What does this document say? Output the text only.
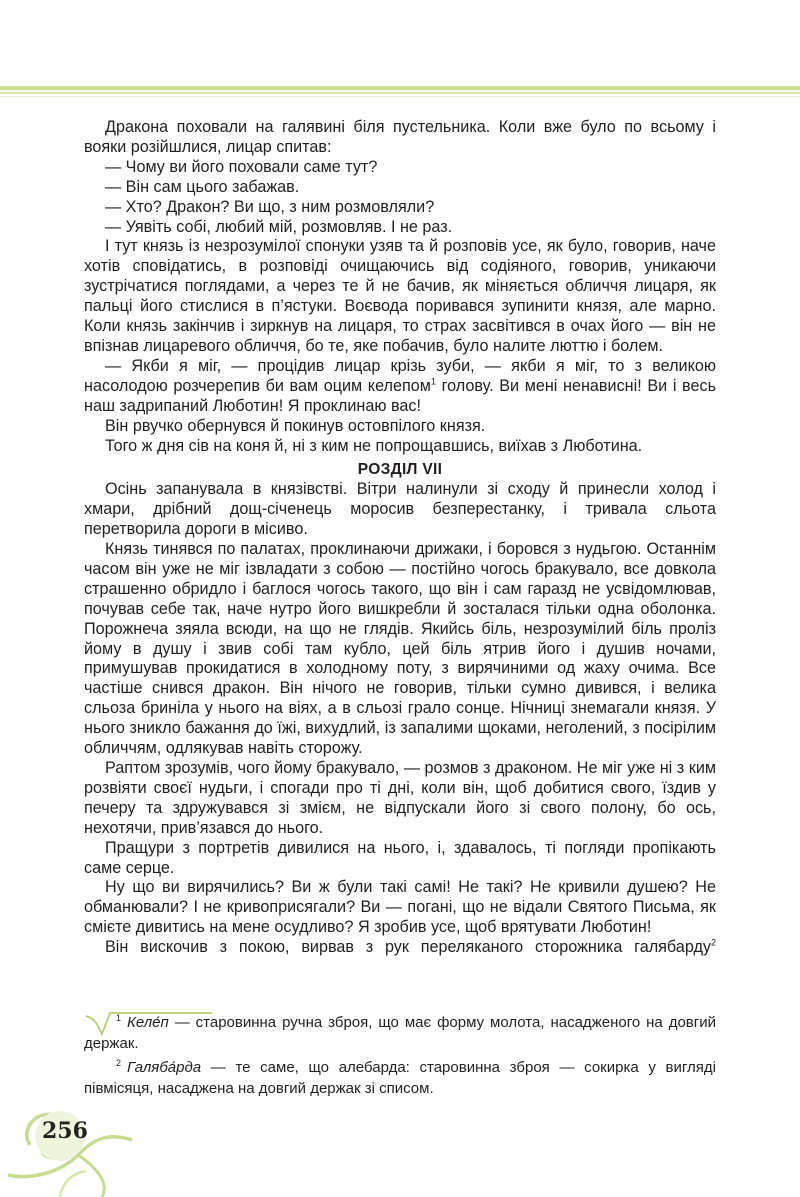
Дракона поховали на галявині біля пустельника. Коли вже було по всьому і вояки розійшлися, лицар спитав:

— Чому ви його поховали саме тут?

— Він сам цього забажав.

— Хто? Дракон? Ви що, з ним розмовляли?

— Уявіть собі, любий мій, розмовляв. І не раз.

І тут князь із незрозумілої спонуки узяв та й розповів усе, як було, говорив, наче хотів сповідатись, в розповіді очищаючись від содіяного, говорив, уникаючи зустрічатися поглядами, а через те й не бачив, як міняється обличчя лицаря, як пальці його стислися в п’ястуки. Воєвода поривався зупинити князя, але марно. Коли князь закінчив і зиркнув на лицаря, то страх засвітився в очах його — він не впізнав лицаревого обличчя, бо те, яке побачив, було налите люттю і болем.

— Якби я міг, — процідив лицар крізь зуби, — якби я міг, то з великою насолодою розчерепив би вам оцим келепом$^1$ голову. Ви мені ненависні! Ви і весь наш задрипаний Люботин! Я проклинаю вас!

Він рвучко обернувся й покинув остовпілого князя.

Того ж дня сів на коня й, ні з ким не попрощавшись, виїхав з Люботина.

РОЗДІЛ VII

Осінь запанувала в князівстві. Вітри налинули зі сходу й принесли холод і хмари, дрібний дощ-січенець моросив безперестанку, і тривала сльота перетворила дороги в місиво.

Князь тинявся по палатах, проклинаючи дрижаки, і боровся з нудьгою. Останнім часом він уже не міг ізвладати з собою — постійно чогось бракувало, все довкола страшенно обридло і баглося чогось такого, що він і сам гаразд не усвідомлював, почував себе так, наче нутро його вишкребли й зосталася тільки одна оболонка. Порожнеча зяяла всюди, на що не глядів. Якийсь біль, незрозумілий біль проліз йому в душу і звив собі там кубло, цей біль ятрив його і душив ночами, примушував прокидатися в холодному поту, з вирячиними од жаху очима. Все частіше снився дракон. Він нічого не говорив, тільки сумно дивився, і велика сльоза бриніла у нього на віях, а в сльозі грало сонце. Нічниці знемагали князя. У нього зникло бажання до їжі, вихудлий, із запалими щоками, неголений, з посірілим обличчям, одлякував навіть сторожу.

Раптом зрозумів, чого йому бракувало, — розмов з драконом. Не міг уже ні з ким розвіяти своєї нудьги, і спогади про ті дні, коли він, щоб добитися свого, їздив у печеру та здружувався зі змієм, не відпускали його зі свого полону, бо ось, нехотячи, прив’язався до нього.

Пращури з портретів дивилися на нього, і, здавалось, ті погляди пропікають саме серце.

Ну що ви вирячились? Ви ж були такі самі! Не такі? Не кривили душею? Не обманювали? І не кривоприсягали? Ви — погані, що не відали Святого Письма, як смієте дивитись на мене осудливо? Я зробив усе, щоб врятувати Люботин!

Він вискочив з покою, вирвав з рук переляканого сторожника галябарду$^2$

$^1$ Келе́п — старовинна ручна зброя, що має форму молота, насадженого на довгий держак.

$^2$ Галяба́рда — те саме, що алебарда: старовинна зброя — сокирка у вигляді півмісяця, насаджена на довгий держак зі списом.

256
